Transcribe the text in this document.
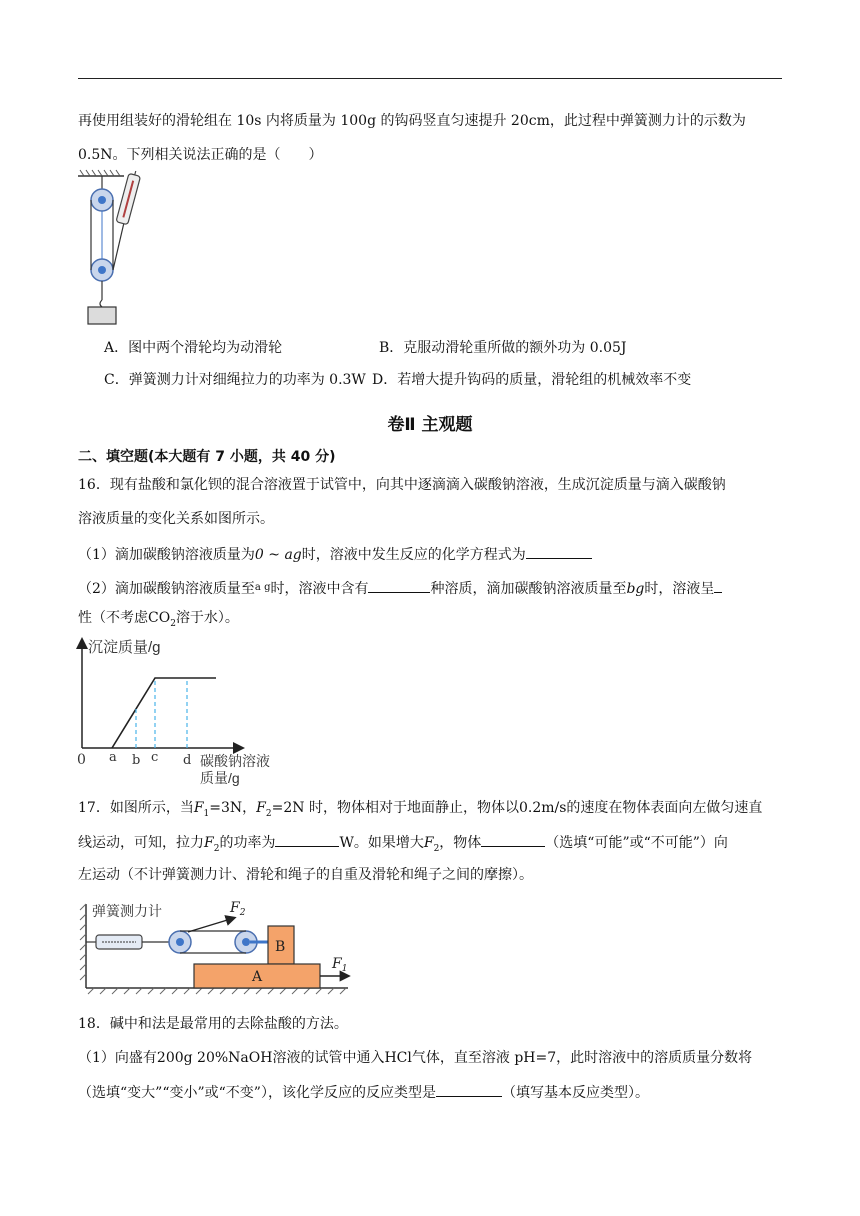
再使用组装好的滑轮组在 10s 内将质量为 100g 的钩码竖直匀速提升 20cm，此过程中弹簧测力计的示数为
0.5N。下列相关说法正确的是（　　）
A．图中两个滑轮均为动滑轮	B．克服动滑轮重所做的额外功为 0.05J
C．弹簧测力计对细绳拉力的功率为 0.3W D．若增大提升钩码的质量，滑轮组的机械效率不变
卷Ⅱ 主观题
二、填空题(本大题有 7 小题，共 40 分)
16．现有盐酸和氯化钡的混合溶液置于试管中，向其中逐滴滴入碳酸钠溶液，生成沉淀质量与滴入碳酸钠
溶液质量的变化关系如图所示。
（1）滴加碳酸钠溶液质量为0 ~ ag时，溶液中发生反应的化学方程式为
（2）滴加碳酸钠溶液质量至$^{a g}$时，溶液中含有	种溶质，滴加碳酸钠溶液质量至bg时，溶液呈
性（不考虑$CO_2$溶于水）。
沉淀质量/g
0 a b c d 碳酸钠溶液
质量/g
17．如图所示，当$F_1=3N$，$F_2=2N$ 时，物体相对于地面静止，物体以0.2m/s的速度在物体表面向左做匀速直
线运动，可知，拉力$F_2$的功率为	W。如果增大$F_2$，物体	（选填“可能”或“不可能”）向
左运动（不计弹簧测力计、滑轮和绳子的自重及滑轮和绳子之间的摩擦）。
弹簧测力计	$F_2$
B
A
$F_1$
18．碱中和法是最常用的去除盐酸的方法。
（1）向盛有200g 20%NaOH溶液的试管中通入HCl气体，直至溶液 pH=7，此时溶液中的溶质质量分数将
（选填“变大”“变小”或“不变”），该化学反应的反应类型是	（填写基本反应类型）。
